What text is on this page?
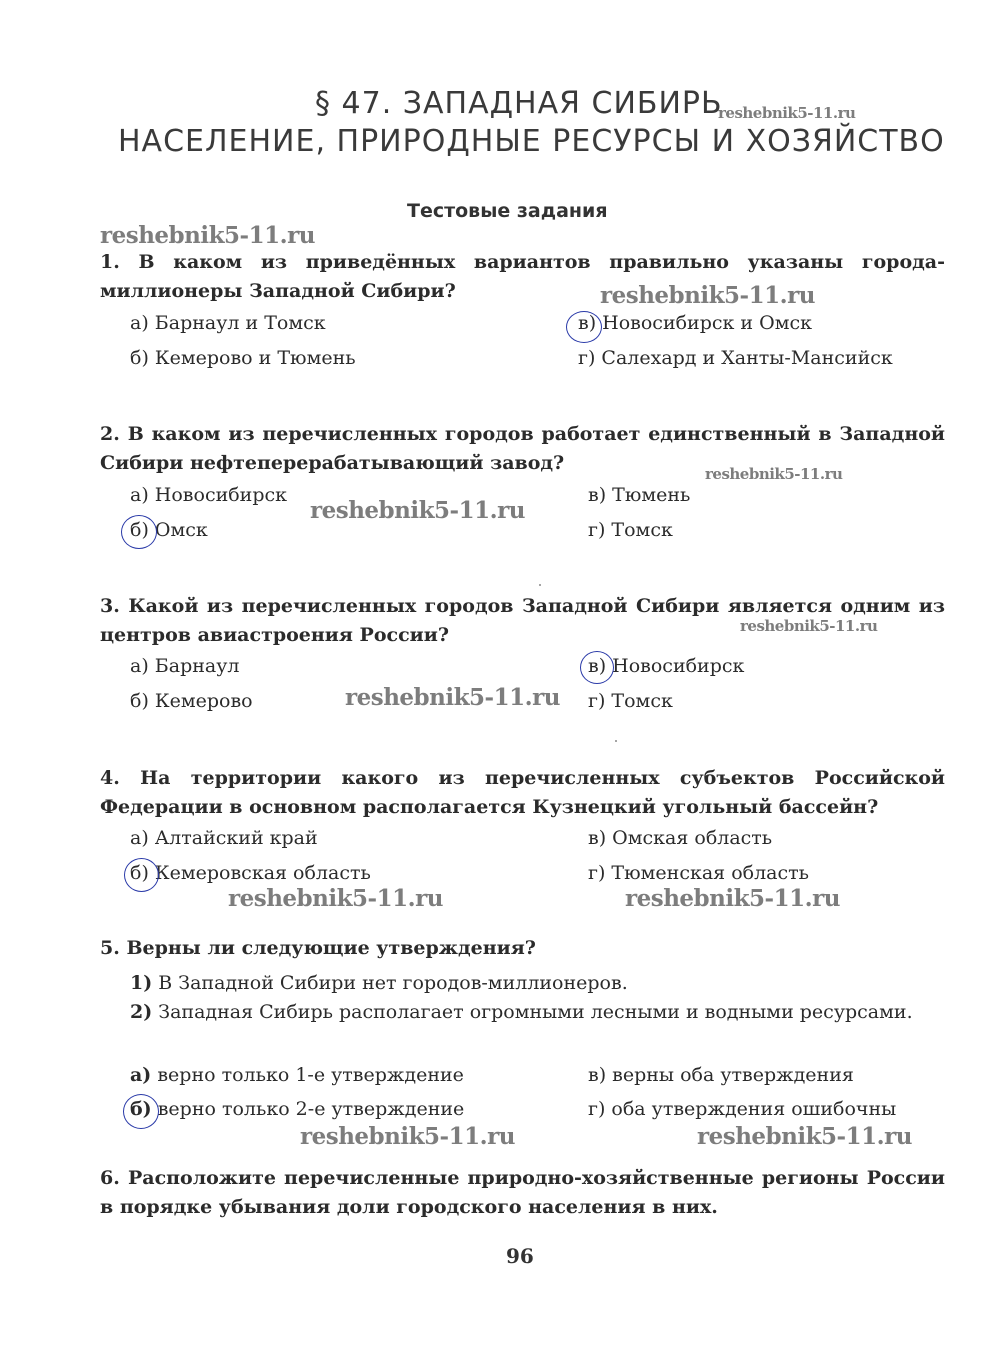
§ 47. ЗАПАДНАЯ СИБИРЬ
reshebnik5-11.ru
НАСЕЛЕНИЕ, ПРИРОДНЫЕ РЕСУРСЫ И ХОЗЯЙСТВО
Тестовые задания
reshebnik5-11.ru
1. В каком из приведённых вариантов правильно указаны города-миллионеры Западной Сибири?	reshebnik5-11.ru
а) Барнаул и Томск
б) Кемерово и Тюмень
в) Новосибирск и Омск
г) Салехард и Ханты-Мансийск
2. В каком из перечисленных городов работает единственный в Западной Сибири нефтеперерабатывающий завод?	reshebnik5-11.ru
а) Новосибирск
reshebnik5-11.ru
б) Омск
в) Тюмень
г) Томск
3. Какой из перечисленных городов Западной Сибири является одним из центров авиастроения России?	reshebnik5-11.ru
а) Барнаул
б) Кемерово	reshebnik5-11.ru
в) Новосибирск
г) Томск
4. На территории какого из перечисленных субъектов Российской Федерации в основном располагается Кузнецкий угольный бассейн?
а) Алтайский край
б) Кемеровская область
в) Омская область
г) Тюменская область
reshebnik5-11.ru	reshebnik5-11.ru
5. Верны ли следующие утверждения?
1) В Западной Сибири нет городов-миллионеров.
2) Западная Сибирь располагает огромными лесными и водными ресурсами.
а) верно только 1-е утверждение
б) верно только 2-е утверждение
в) верны оба утверждения
г) оба утверждения ошибочны
reshebnik5-11.ru	reshebnik5-11.ru
6. Расположите перечисленные природно-хозяйственные регионы России в порядке убывания доли городского населения в них.
96
